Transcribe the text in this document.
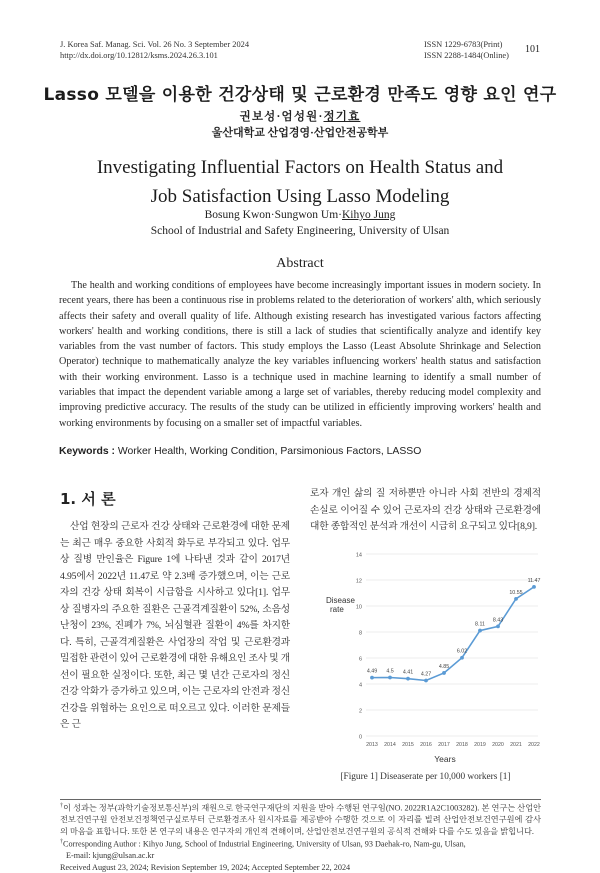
J. Korea Saf. Manag. Sci. Vol. 26 No. 3 September 2024
http://dx.doi.org/10.12812/ksms.2024.26.3.101
ISSN 1229-6783(Print)
ISSN 2288-1484(Online) 101
Lasso 모델을 이용한 건강상태 및 근로환경 만족도 영향 요인 연구
권보성·엄성원·정기효
울산대학교 산업경영·산업안전공학부
Investigating Influential Factors on Health Status and
Job Satisfaction Using Lasso Modeling
Bosung Kwon·Sungwon Um·Kihyo Jung
School of Industrial and Safety Engineering, University of Ulsan
Abstract
The health and working conditions of employees have become increasingly important issues in modern society. In recent years, there has been a continuous rise in problems related to the deterioration of workers' alth, which seriously affects their safety and overall quality of life. Although existing research has investigated various factors affecting workers' health and working conditions, there is still a lack of studies that scientifically analyze and identify key variables from the vast number of factors. This study employs the Lasso (Least Absolute Shrinkage and Selection Operator) technique to mathematically analyze the key variables influencing workers' health status and satisfaction with their working environment. Lasso is a technique used in machine learning to identify a small number of variables that impact the dependent variable among a large set of variables, thereby reducing model complexity and improving predictive accuracy. The results of the study can be utilized in efficiently improving workers' health and working environments by focusing on a smaller set of impactful variables.
Keywords : Worker Health, Working Condition, Parsimonious Factors, LASSO
1. 서 론
산업 현장의 근로자 건강 상태와 근로환경에 대한 문제는 최근 매우 중요한 사회적 화두로 부각되고 있다. 업무상 질병 만인율은 Figure 1에 나타낸 것과 같이 2017년 4.95에서 2022년 11.47로 약 2.3배 증가했으며, 이는 근로자의 건강 상태 회복이 시급함을 시사하고 있다[1]. 업무상 질병자의 주요한 질환은 근골격계질환이 52%, 소음성 난청이 23%, 진폐가 7%, 뇌심혈관 질환이 4%를 차지한다. 특히, 근골격계질환은 사업장의 작업 및 근로환경과 밀접한 관련이 있어 근로환경에 대한 유해요인 조사 및 개선이 필요한 실정이다. 또한, 최근 몇 년간 근로자의 정신 건강 악화가 증가하고 있으며, 이는 근로자의 안전과 정신 건강을 위협하는 요인으로 떠오르고 있다. 이러한 문제들은 근
로자 개인 삶의 질 저하뿐만 아니라 사회 전반의 경제적 손실로 이어질 수 있어 근로자의 건강 상태와 근로환경에 대한 종합적인 분석과 개선이 시급히 요구되고 있다[8,9].
Disease
rate
Years
0
2
4
6
8
10
12
14
2013 2014 2015 2016 2017 2018 2019 2020 2021 2022
4.49 4.5 4.41 4.27
4.85
6.02
8.11
8.43
10.55
11.47
[Figure 1] Diseaserate per 10,000 workers [1]
†이 성과는 정부(과학기술정보통신부)의 재원으로 한국연구재단의 지원을 받아 수행된 연구임(NO. 2022R1A2C1003282). 본 연구는 산업안전보건연구원 안전보건정책연구실로부터 근로환경조사 원시자료를 제공받아 수행한 것으로 이 자리를 빌려 산업안전보건연구원에 감사의 마음을 표합니다. 또한 본 연구의 내용은 연구자의 개인적 견해이며, 산업안전보건연구원의 공식적 견해와 다를 수도 있음을 밝힙니다.
†Corresponding Author : Kihyo Jung, School of Industrial Engineering, University of Ulsan, 93 Daehak-ro, Nam-gu, Ulsan,
E-mail: kjung@ulsan.ac.kr
Received August 23, 2024; Revision September 19, 2024; Accepted September 22, 2024
